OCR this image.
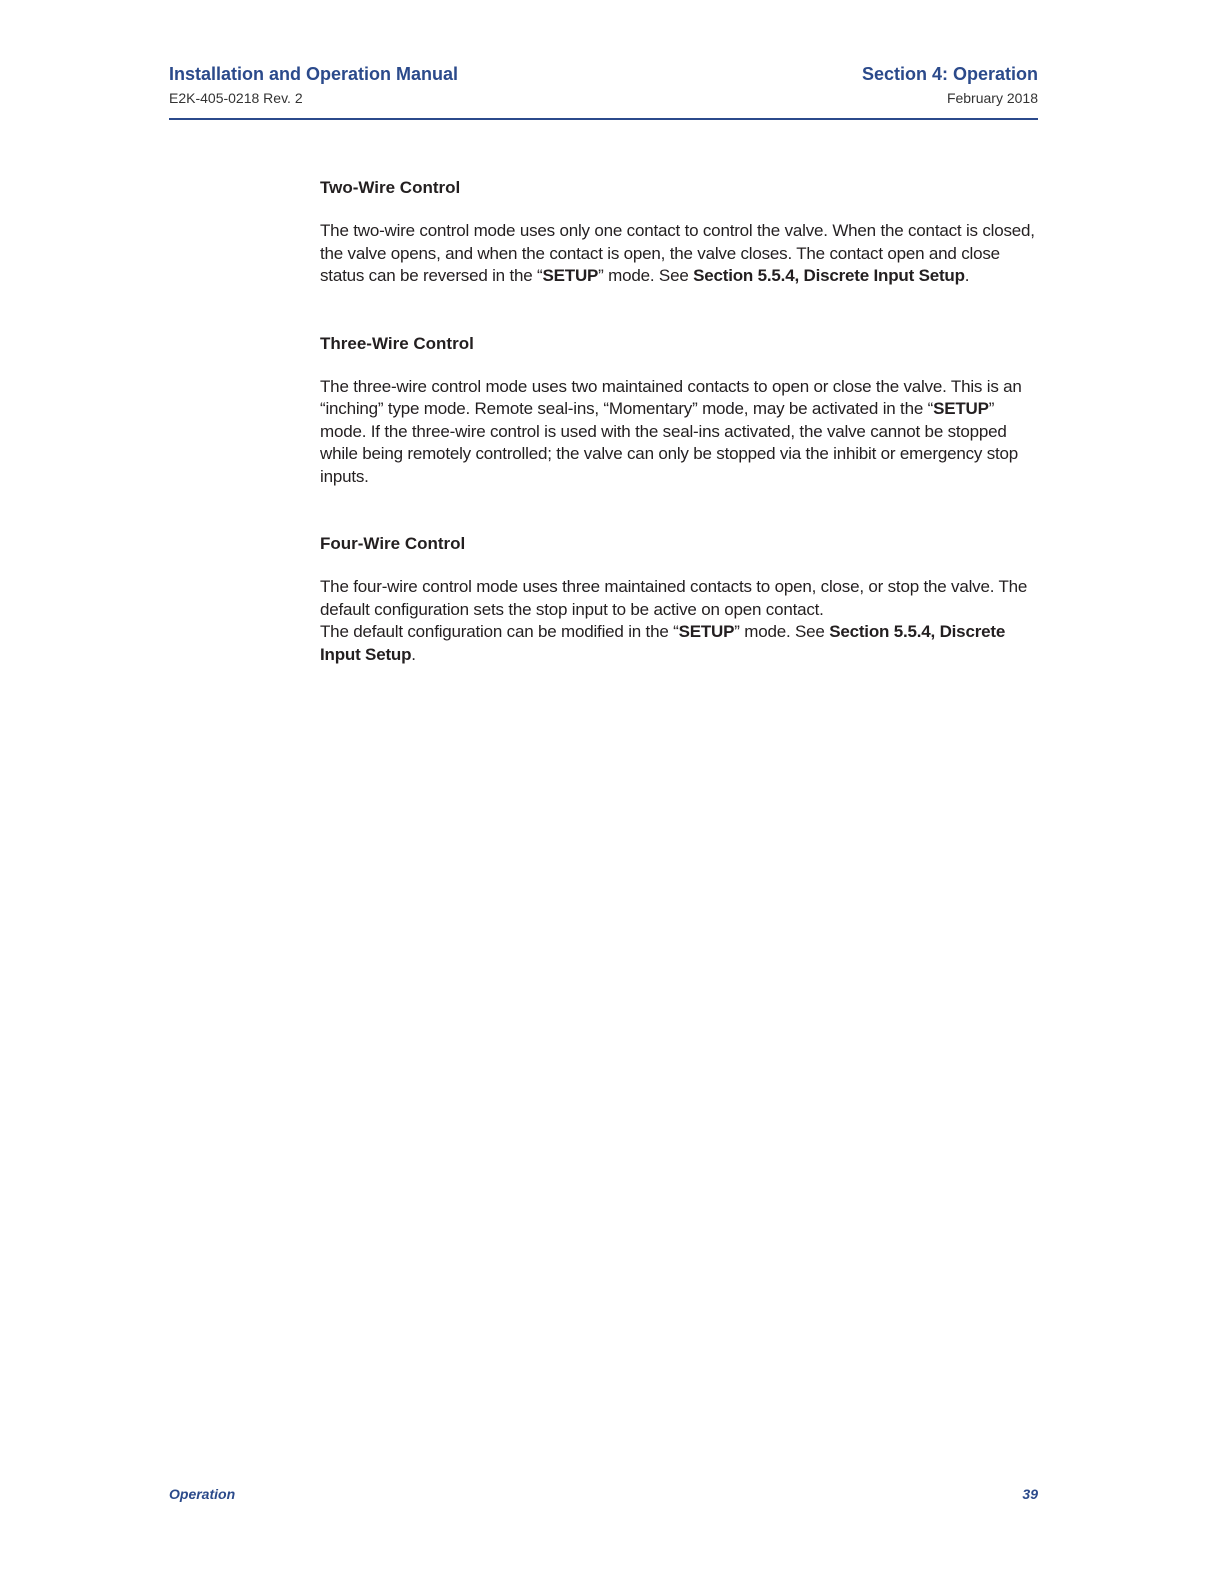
Installation and Operation Manual
E2K-405-0218 Rev. 2
Section 4: Operation
February 2018
Two-Wire Control

The two-wire control mode uses only one contact to control the valve. When the contact is closed, the valve opens, and when the contact is open, the valve closes. The contact open and close status can be reversed in the “SETUP” mode. See Section 5.5.4, Discrete Input Setup.

Three-Wire Control

The three-wire control mode uses two maintained contacts to open or close the valve. This is an “inching” type mode. Remote seal-ins, “Momentary” mode, may be activated in the “SETUP” mode. If the three-wire control is used with the seal-ins activated, the valve cannot be stopped while being remotely controlled; the valve can only be stopped via the inhibit or emergency stop inputs.

Four-Wire Control

The four-wire control mode uses three maintained contacts to open, close, or stop the valve. The default configuration sets the stop input to be active on open contact.
The default configuration can be modified in the “SETUP” mode. See Section 5.5.4, Discrete Input Setup.

Operation	39
